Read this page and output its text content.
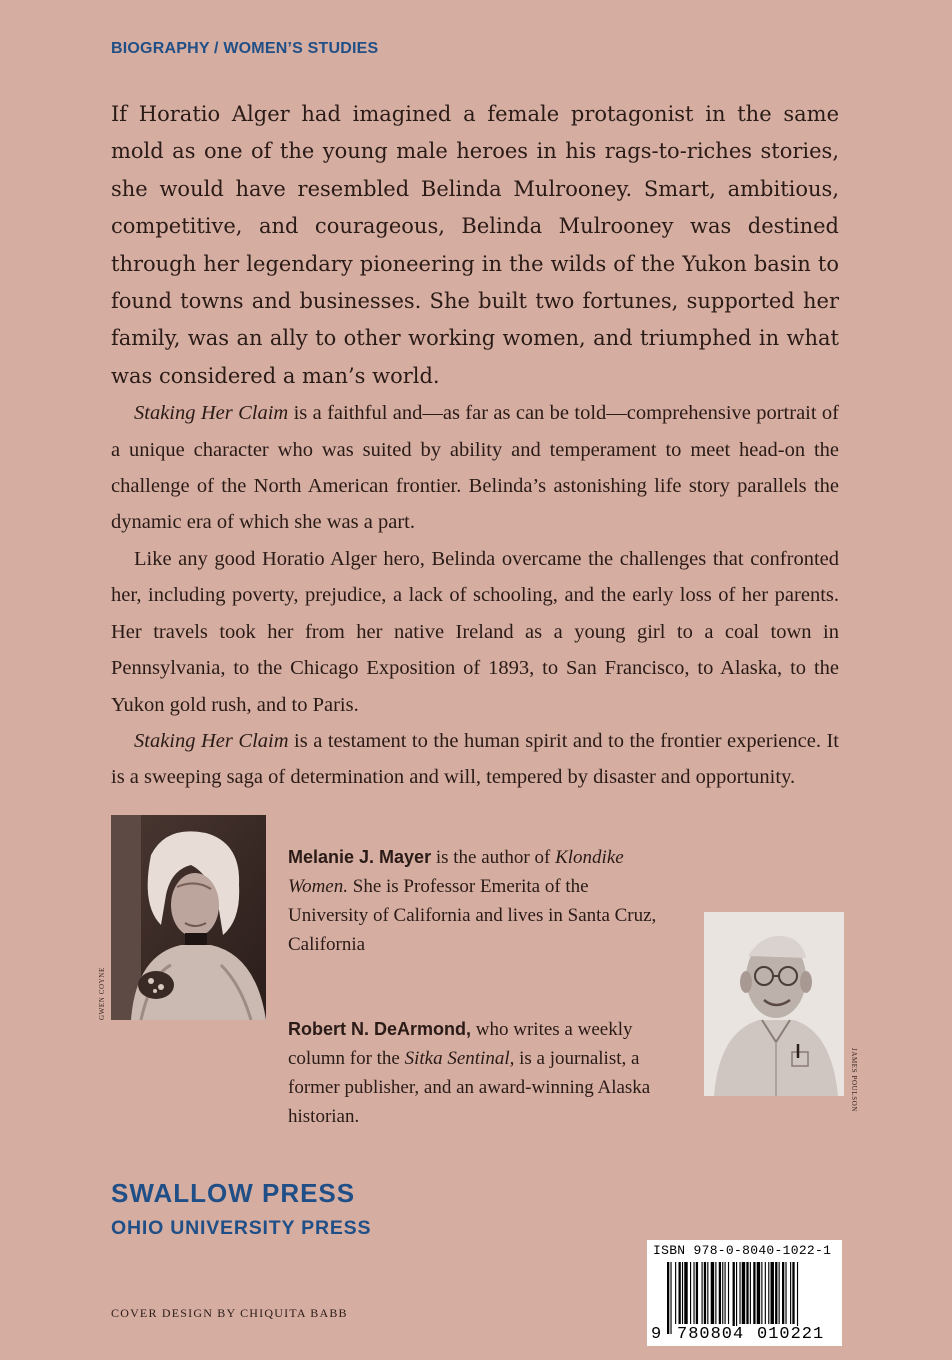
BIOGRAPHY / WOMEN’S STUDIES

If Horatio Alger had imagined a female protagonist in the same mold as one of the young male heroes in his rags-to-riches stories, she would have resembled Belinda Mulrooney. Smart, ambitious, competitive, and courageous, Belinda Mulrooney was destined through her legendary pioneering in the wilds of the Yukon basin to found towns and businesses. She built two fortunes, supported her family, was an ally to other working women, and triumphed in what was considered a man’s world.

Staking Her Claim is a faithful and—as far as can be told—comprehensive portrait of a unique character who was suited by ability and temperament to meet head-on the challenge of the North American frontier. Belinda’s astonishing life story parallels the dynamic era of which she was a part.

Like any good Horatio Alger hero, Belinda overcame the challenges that confronted her, including poverty, prejudice, a lack of schooling, and the early loss of her parents. Her travels took her from her native Ireland as a young girl to a coal town in Pennsylvania, to the Chicago Exposition of 1893, to San Francisco, to Alaska, to the Yukon gold rush, and to Paris.

Staking Her Claim is a testament to the human spirit and to the frontier experience. It is a sweeping saga of determination and will, tempered by disaster and opportunity.

GWEN COYNE
Melanie J. Mayer is the author of Klondike Women. She is Professor Emerita of the University of California and lives in Santa Cruz, California
Robert N. DeArmond, who writes a weekly column for the Sitka Sentinal, is a journalist, a former publisher, and an award-winning Alaska historian.
JAMES POULSON
SWALLOW PRESS
OHIO UNIVERSITY PRESS
COVER DESIGN BY CHIQUITA BABB
ISBN 978-0-8040-1022-1
9 780804 010221
